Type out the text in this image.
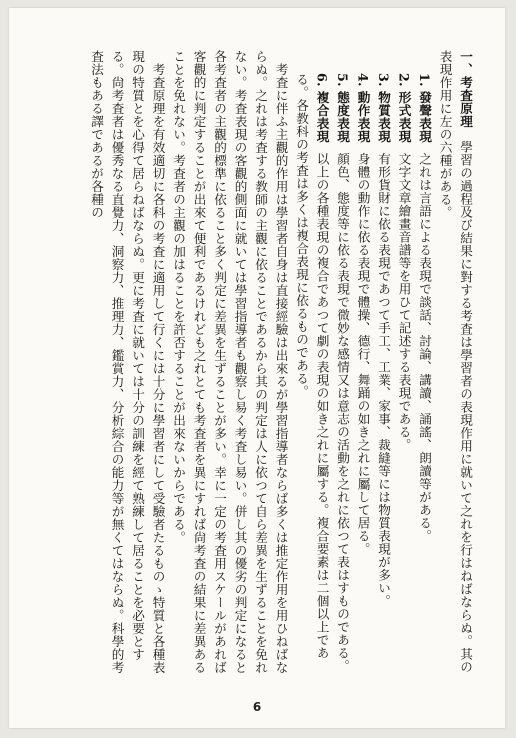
一、考査原理學習の過程及び結果に對する考査は學習者の表現作用に就いて之れを行はねばならぬ。其の表現作用に左の六種がある。

1. 發聲表現之れは言語による表現で談話、討論、講讀、誦謠、朗讀等がある。

2. 形式表現文字文章繪畫音譜等を用ひて記述する表現である。

3. 物質表現有形貨財に依る表現であつて手工、工業、家事、裁縫等には物質表現が多い。

4. 動作表現身體の動作に依る表現で體操、德行、舞踊の如き之れに屬して居る。

5. 態度表現顔色、態度等に依る表現で微妙な感情又は意志の活動を之れに依つて表はすものである。

6. 複合表現以上の各種表現の複合であつて劇の表現の如き之れに屬する。複合要素は二個以上である。各教科の考査は多くは複合表現に依るものである。

考査に伴ふ主觀的作用は學習者自身は直接經驗は出來るが學習指導者ならば多くは推定作用を用ひねばならぬ。之れは考査する教師の主觀に依ることであるから其の判定は人に依つて自ら差異を生ずることを免れない。考査表現の客觀的側面に就いては學習指導者も觀察し易く考査し易い。併し其の優劣の判定になると各考査者の主觀的標準に依ること多く判定に差異を生ずることが多い。幸に一定の考査用スケールがあれば客觀的に判定することが出來て便利であるけれども之れとても考査者を異にすれば尙考査の結果に差異あることを免れない。考査者の主觀の加はることを許否することが出來ないからである。

考査原理を有效適切に各科の考査に適用して行くには十分に學習者にして受驗者たるものゝ特質と各種表現の特質とを心得て居らねばならぬ。更に考査に就いては十分の訓練を經て熟練して居ることを必要とする。尙考査者は優秀なる直覺力、洞察力、推理力、鑑賞力、分析綜合の能力等が無くてはならぬ。科學的考査法もある譯であるが各種の

6
